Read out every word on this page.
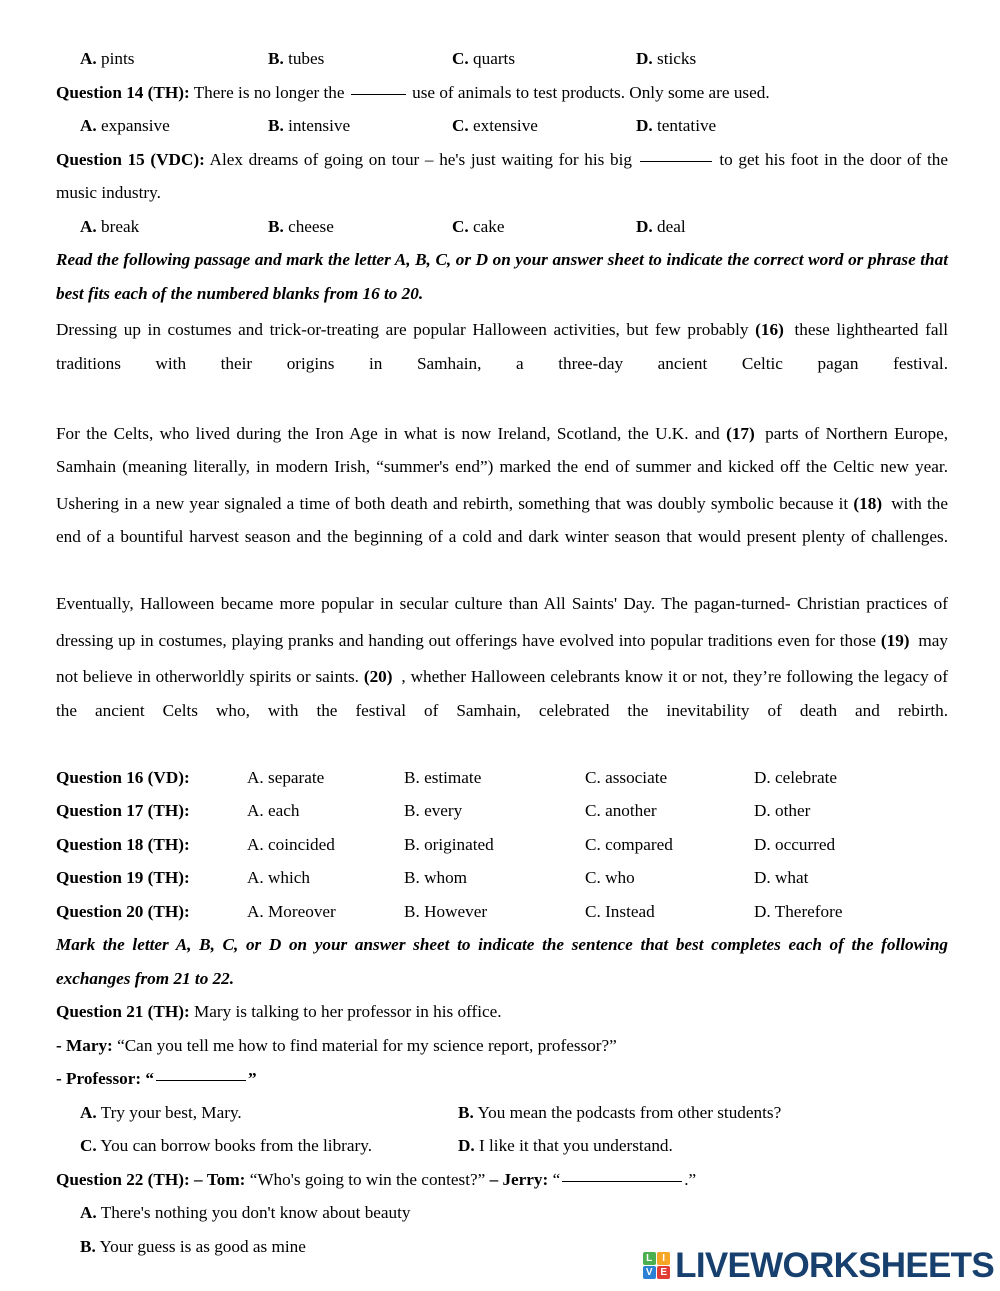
A. pints	B. tubes	C. quarts	D. sticks
Question 14 (TH): There is no longer the	use of animals to test products. Only some are used.
A. expansive	B. intensive	C. extensive	D. tentative
Question 15 (VDC): Alex dreams of going on tour – he's just waiting for his big	to get his foot in the door of the music industry.
A. break	B. cheese	C. cake	D. deal
Read the following passage and mark the letter A, B, C, or D on your answer sheet to indicate the correct word or phrase that best fits each of the numbered blanks from 16 to 20.
Dressing up in costumes and trick-or-treating are popular Halloween activities, but few probably (16) these lighthearted fall traditions with their origins in Samhain, a three-day ancient Celtic pagan festival.
For the Celts, who lived during the Iron Age in what is now Ireland, Scotland, the U.K. and (17) parts of Northern Europe, Samhain (meaning literally, in modern Irish, “summer's end”) marked the end of summer and kicked off the Celtic new year. Ushering in a new year signaled a time of both death and rebirth, something that was doubly symbolic because it (18) with the end of a bountiful harvest season and the beginning of a cold and dark winter season that would present plenty of challenges.
Eventually, Halloween became more popular in secular culture than All Saints' Day. The pagan-turned- Christian practices of dressing up in costumes, playing pranks and handing out offerings have evolved into popular traditions even for those (19) may not believe in otherworldly spirits or saints. (20) , whether Halloween celebrants know it or not, they’re following the legacy of the ancient Celts who, with the festival of Samhain, celebrated the inevitability of death and rebirth.
Question 16 (VD):	A. separate	B. estimate	C. associate	D. celebrate
Question 17 (TH):	A. each	B. every	C. another	D. other
Question 18 (TH):	A. coincided	B. originated	C. compared	D. occurred
Question 19 (TH):	A. which	B. whom	C. who	D. what
Question 20 (TH):	A. Moreover	B. However	C. Instead	D. Therefore
Mark the letter A, B, C, or D on your answer sheet to indicate the sentence that best completes each of the following exchanges from 21 to 22.
Question 21 (TH): Mary is talking to her professor in his office.
- Mary: “Can you tell me how to find material for my science report, professor?”
- Professor: “	”
A. Try your best, Mary.	B. You mean the podcasts from other students?
C. You can borrow books from the library.	D. I like it that you understand.
Question 22 (TH): – Tom: “Who's going to win the contest?” – Jerry: “	.”
A. There's nothing you don't know about beauty
B. Your guess is as good as mine
L	I
V E LIVEWORKSHEETS
